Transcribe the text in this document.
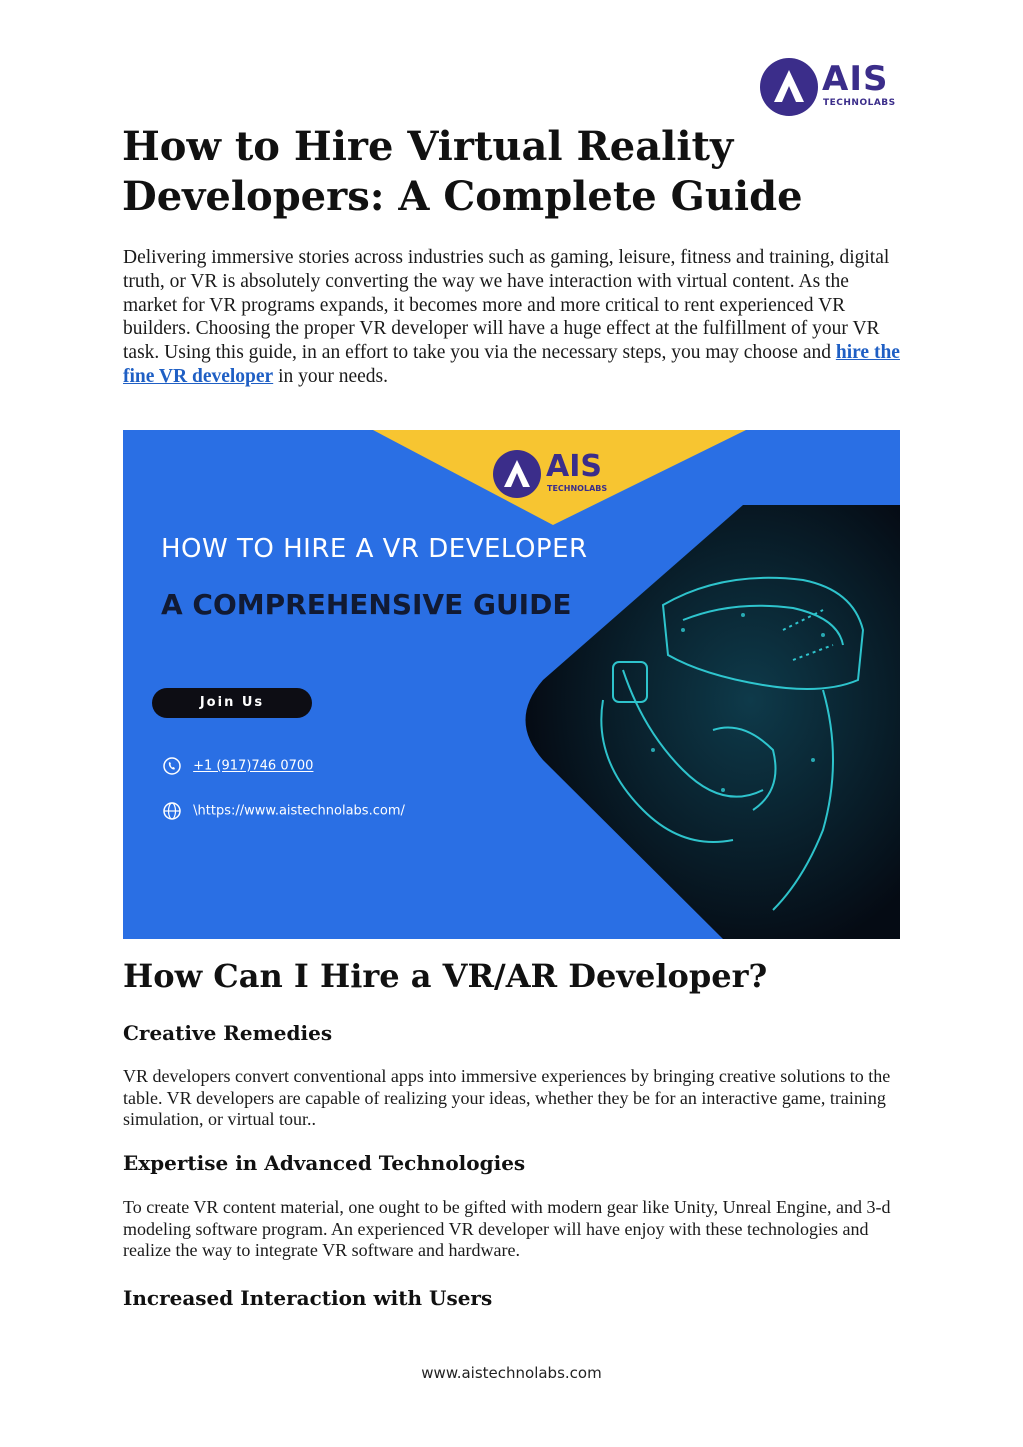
AIS
TECHNOLABS
How to Hire Virtual Reality Developers: A Complete Guide

Delivering immersive stories across industries such as gaming, leisure, fitness and training, digital truth, or VR is absolutely converting the way we have interaction with virtual content. As the market for VR programs expands, it becomes more and more critical to rent experienced VR builders. Choosing the proper VR developer will have a huge effect at the fulfillment of your VR task. Using this guide, in an effort to take you via the necessary steps, you may choose and hire the fine VR developer in your needs.

AIS
TECHNOLABS
HOW TO HIRE A VR DEVELOPER
A COMPREHENSIVE GUIDE
Join Us
+1 (917)746 0700
\https://www.aistechnolabs.com/
How Can I Hire a VR/AR Developer?
Creative Remedies

VR developers convert conventional apps into immersive experiences by bringing creative solutions to the table. VR developers are capable of realizing your ideas, whether they be for an interactive game, training simulation, or virtual tour..

Expertise in Advanced Technologies

To create VR content material, one ought to be gifted with modern gear like Unity, Unreal Engine, and 3-d modeling software program. An experienced VR developer will have enjoy with these technologies and realize the way to integrate VR software and hardware.

Increased Interaction with Users
www.aistechnolabs.com
